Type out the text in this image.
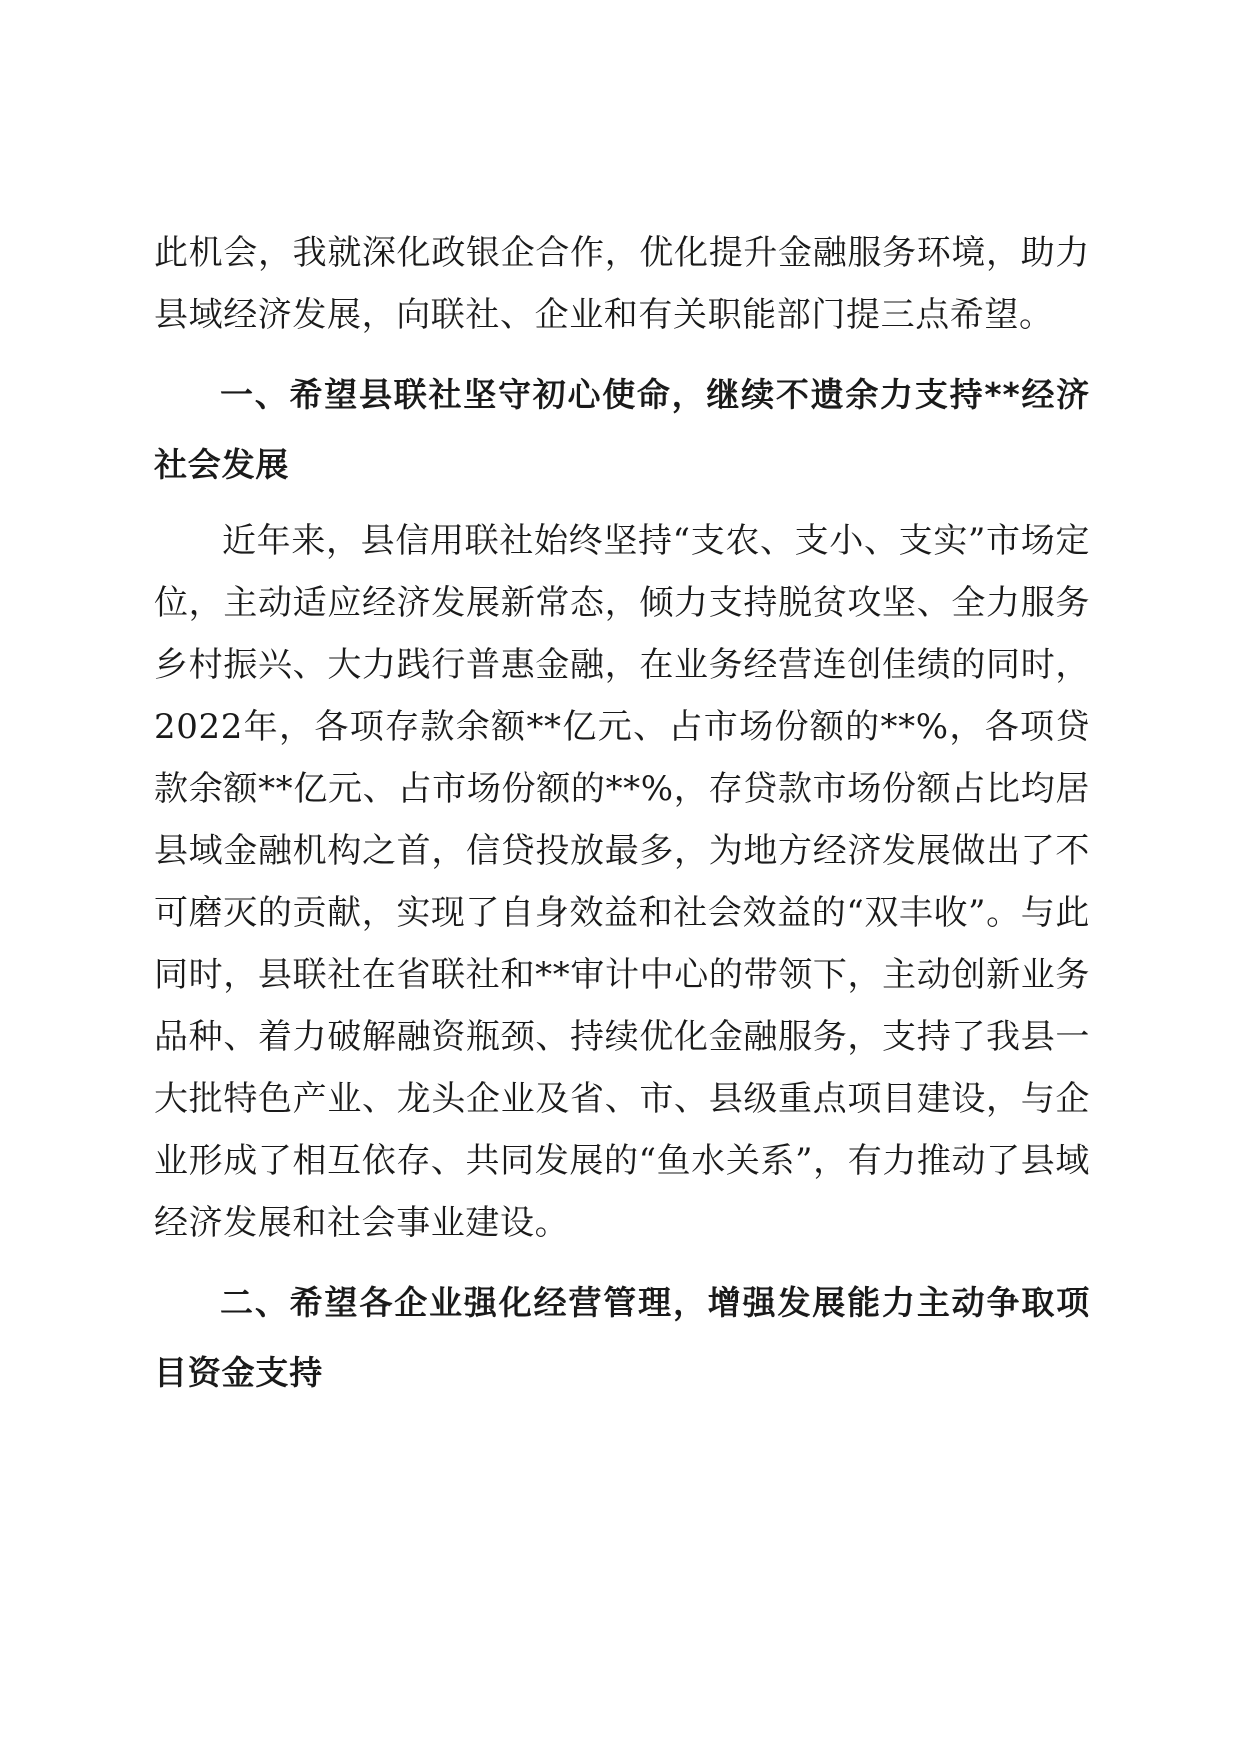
此机会，我就深化政银企合作，优化提升金融服务环境，助力县域经济发展，向联社、企业和有关职能部门提三点希望。

一、希望县联社坚守初心使命，继续不遗余力支持**经济社会发展

近年来，县信用联社始终坚持“支农、支小、支实”市场定位，主动适应经济发展新常态，倾力支持脱贫攻坚、全力服务乡村振兴、大力践行普惠金融，在业务经营连创佳绩的同时，2022年，各项存款余额**亿元、占市场份额的**%，各项贷款余额**亿元、占市场份额的**%，存贷款市场份额占比均居县域金融机构之首，信贷投放最多，为地方经济发展做出了不可磨灭的贡献，实现了自身效益和社会效益的“双丰收”。与此同时，县联社在省联社和**审计中心的带领下，主动创新业务品种、着力破解融资瓶颈、持续优化金融服务，支持了我县一大批特色产业、龙头企业及省、市、县级重点项目建设，与企业形成了相互依存、共同发展的“鱼水关系”，有力推动了县域经济发展和社会事业建设。

二、希望各企业强化经营管理，增强发展能力主动争取项目资金支持
